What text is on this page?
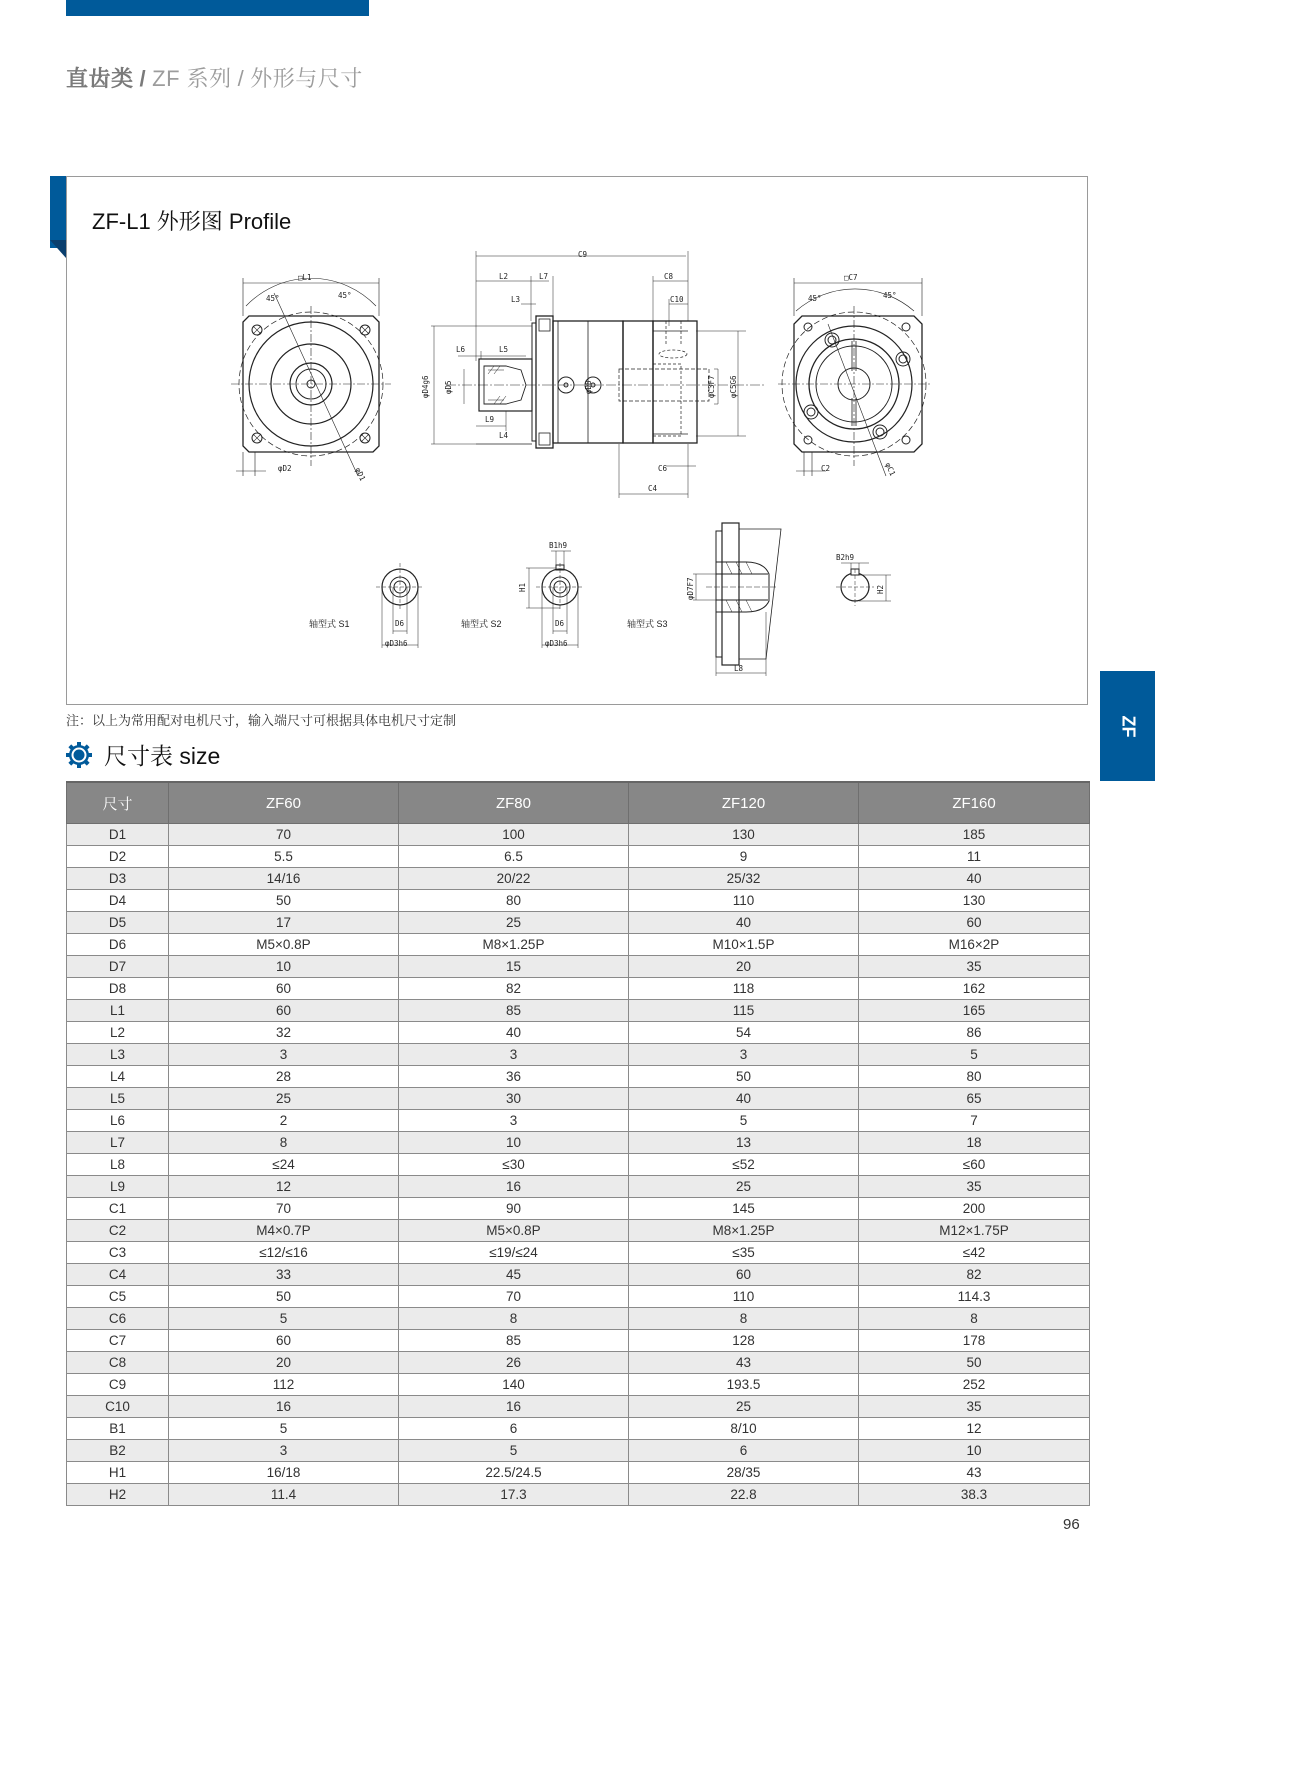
直齿类 / ZF 系列 / 外形与尺寸
ZF-L1 外形图 Profile
□L1
45°	45°
φD2	φD1
C9
L2	L7
L3
C8
C10
L6	L5
φD4g6 φD5	φD8	φC3F7 φC5G6
L9
L4
C6
C4
□C7
45°	45°
C2	φC1
轴型式 S1	D6
φD3h6
轴型式 S2
B1h9
H1
D6
φD3h6
轴型式 S3
φD7F7
L8
B2h9
H2
注：以上为常用配对电机尺寸，输入端尺寸可根据具体电机尺寸定制
尺寸表 size
ZF
尺寸	ZF60	ZF80	ZF120	ZF160
D1	70	100	130	185
D2	5.5	6.5	9	11
D3	14/16	20/22	25/32	40
D4	50	80	110	130
D5	17	25	40	60
D6	M5×0.8P	M8×1.25P	M10×1.5P	M16×2P
D7	10	15	20	35
D8	60	82	118	162
L1	60	85	115	165
L2	32	40	54	86
L3	3	3	3	5
L4	28	36	50	80
L5	25	30	40	65
L6	2	3	5	7
L7	8	10	13	18
L8	≤24	≤30	≤52	≤60
L9	12	16	25	35
C1	70	90	145	200
C2	M4×0.7P	M5×0.8P	M8×1.25P	M12×1.75P
C3	≤12/≤16	≤19/≤24	≤35	≤42
C4	33	45	60	82
C5	50	70	110	114.3
C6	5	8	8	8
C7	60	85	128	178
C8	20	26	43	50
C9	112	140	193.5	252
C10	16	16	25	35
B1	5	6	8/10	12
B2	3	5	6	10
H1	16/18	22.5/24.5	28/35	43
H2	11.4	17.3	22.8	38.3
96
